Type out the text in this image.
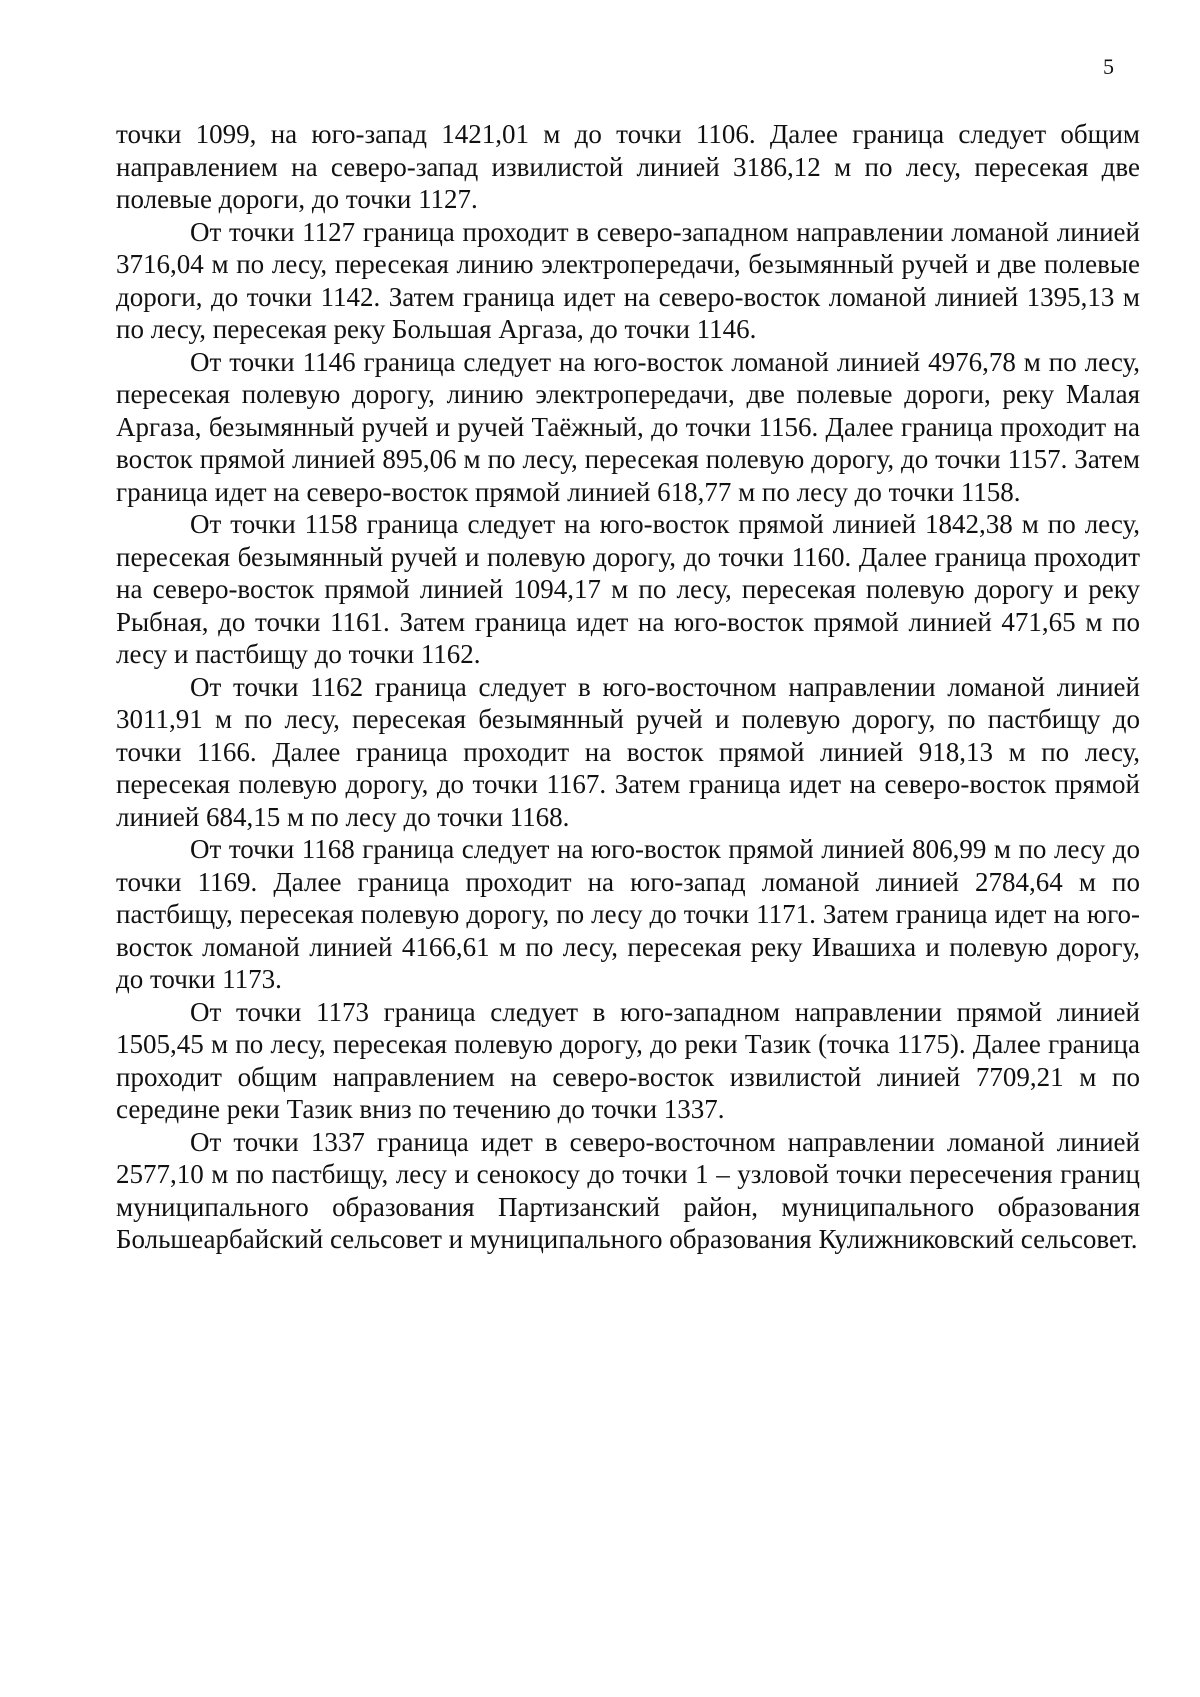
5

точки 1099, на юго-запад 1421,01 м до точки 1106. Далее граница следует общим направлением на северо-запад извилистой линией 3186,12 м по лесу, пересекая две полевые дороги, до точки 1127.

От точки 1127 граница проходит в северо-западном направлении ломаной линией 3716,04 м по лесу, пересекая линию электропередачи, безымянный ручей и две полевые дороги, до точки 1142. Затем граница идет на северо-восток ломаной линией 1395,13 м по лесу, пересекая реку Большая Аргаза, до точки 1146.

От точки 1146 граница следует на юго-восток ломаной линией 4976,78 м по лесу, пересекая полевую дорогу, линию электропередачи, две полевые дороги, реку Малая Аргаза, безымянный ручей и ручей Таёжный, до точки 1156. Далее граница проходит на восток прямой линией 895,06 м по лесу, пересекая полевую дорогу, до точки 1157. Затем граница идет на северо-восток прямой линией 618,77 м по лесу до точки 1158.

От точки 1158 граница следует на юго-восток прямой линией 1842,38 м по лесу, пересекая безымянный ручей и полевую дорогу, до точки 1160. Далее граница проходит на северо-восток прямой линией 1094,17 м по лесу, пересекая полевую дорогу и реку Рыбная, до точки 1161. Затем граница идет на юго-восток прямой линией 471,65 м по лесу и пастбищу до точки 1162.

От точки 1162 граница следует в юго-восточном направлении ломаной линией 3011,91 м по лесу, пересекая безымянный ручей и полевую дорогу, по пастбищу до точки 1166. Далее граница проходит на восток прямой линией 918,13 м по лесу, пересекая полевую дорогу, до точки 1167. Затем граница идет на северо-восток прямой линией 684,15 м по лесу до точки 1168.

От точки 1168 граница следует на юго-восток прямой линией 806,99 м по лесу до точки 1169. Далее граница проходит на юго-запад ломаной линией 2784,64 м по пастбищу, пересекая полевую дорогу, по лесу до точки 1171. Затем граница идет на юго-восток ломаной линией 4166,61 м по лесу, пересекая реку Ивашиха и полевую дорогу, до точки 1173.

От точки 1173 граница следует в юго-западном направлении прямой линией 1505,45 м по лесу, пересекая полевую дорогу, до реки Тазик (точка 1175). Далее граница проходит общим направлением на северо-восток извилистой линией 7709,21 м по середине реки Тазик вниз по течению до точки 1337.

От точки 1337 граница идет в северо-восточном направлении ломаной линией 2577,10 м по пастбищу, лесу и сенокосу до точки 1 – узловой точки пересечения границ муниципального образования Партизанский район, муниципального образования Большеарбайский сельсовет и муниципального образования Кулижниковский сельсовет.
